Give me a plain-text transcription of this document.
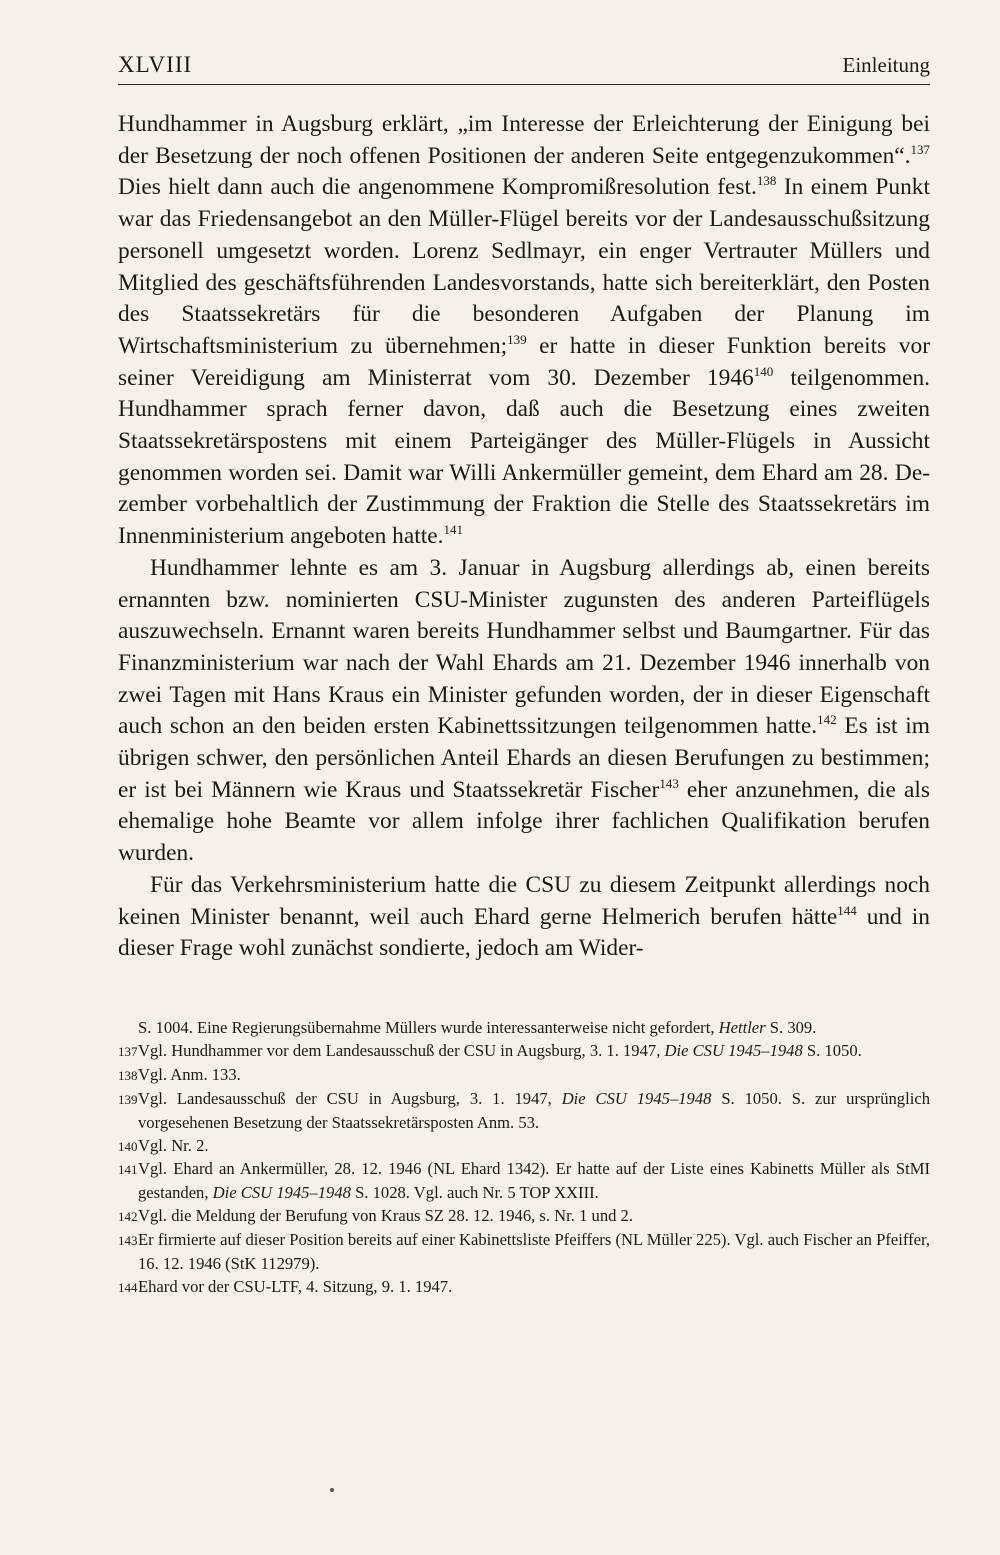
XLVIII	Einleitung

Hundhammer in Augsburg erklärt, „im Interesse der Erleichterung der Einigung bei der Besetzung der noch offenen Positionen der anderen Seite entgegenzukommen“.$^{137}$ Dies hielt dann auch die angenommene Kompromißresolution fest.$^{138}$ In einem Punkt war das Friedensangebot an den Müller-Flügel bereits vor der Landesausschußsitzung personell umgesetzt worden. Lorenz Sedlmayr, ein enger Vertrauter Müllers und Mitglied des geschäftsführenden Landesvorstands, hatte sich bereiterklärt, den Posten des Staatssekretärs für die besonderen Aufgaben der Planung im Wirtschaftsministerium zu übernehmen;$^{139}$ er hatte in dieser Funktion bereits vor seiner Vereidigung am Ministerrat vom 30. Dezember 1946$^{140}$ teilgenommen. Hundhammer sprach ferner davon, daß auch die Besetzung eines zweiten Staatssekretärspostens mit einem Parteigänger des Müller-Flügels in Aussicht genommen worden sei. Damit war Willi Ankermüller gemeint, dem Ehard am 28. Dezember vorbehaltlich der Zustimmung der Fraktion die Stelle des Staatssekretärs im Innenministerium angeboten hatte.$^{141}$

Hundhammer lehnte es am 3. Januar in Augsburg allerdings ab, einen bereits ernannten bzw. nominierten CSU-Minister zugunsten des anderen Parteiflügels auszuwechseln. Ernannt waren bereits Hundhammer selbst und Baumgartner. Für das Finanzministerium war nach der Wahl Ehards am 21. Dezember 1946 innerhalb von zwei Tagen mit Hans Kraus ein Minister gefunden worden, der in dieser Eigenschaft auch schon an den beiden ersten Kabinettssitzungen teilgenommen hatte.$^{142}$ Es ist im übrigen schwer, den persönlichen Anteil Ehards an diesen Berufungen zu bestimmen; er ist bei Männern wie Kraus und Staatssekretär Fischer$^{143}$ eher anzunehmen, die als ehemalige hohe Beamte vor allem infolge ihrer fachlichen Qualifikation berufen wurden.

Für das Verkehrsministerium hatte die CSU zu diesem Zeitpunkt allerdings noch keinen Minister benannt, weil auch Ehard gerne Helmerich berufen hätte$^{144}$ und in dieser Frage wohl zunächst sondierte, jedoch am Wider-

S. 1004. Eine Regierungsübernahme Müllers wurde interessanterweise nicht gefordert, Hettler S. 309.

137Vgl. Hundhammer vor dem Landesausschuß der CSU in Augsburg, 3. 1. 1947, Die CSU 1945–1948 S. 1050.

138Vgl. Anm. 133.

139Vgl. Landesausschuß der CSU in Augsburg, 3. 1. 1947, Die CSU 1945–1948 S. 1050. S. zur ursprünglich vorgesehenen Besetzung der Staatssekretärsposten Anm. 53.

140Vgl. Nr. 2.

141Vgl. Ehard an Ankermüller, 28. 12. 1946 (NL Ehard 1342). Er hatte auf der Liste eines Kabinetts Müller als StMI gestanden, Die CSU 1945–1948 S. 1028. Vgl. auch Nr. 5 TOP XXIII.

142Vgl. die Meldung der Berufung von Kraus SZ 28. 12. 1946, s. Nr. 1 und 2.

143Er firmierte auf dieser Position bereits auf einer Kabinettsliste Pfeiffers (NL Müller 225). Vgl. auch Fischer an Pfeiffer, 16. 12. 1946 (StK 112979).

144Ehard vor der CSU-LTF, 4. Sitzung, 9. 1. 1947.
